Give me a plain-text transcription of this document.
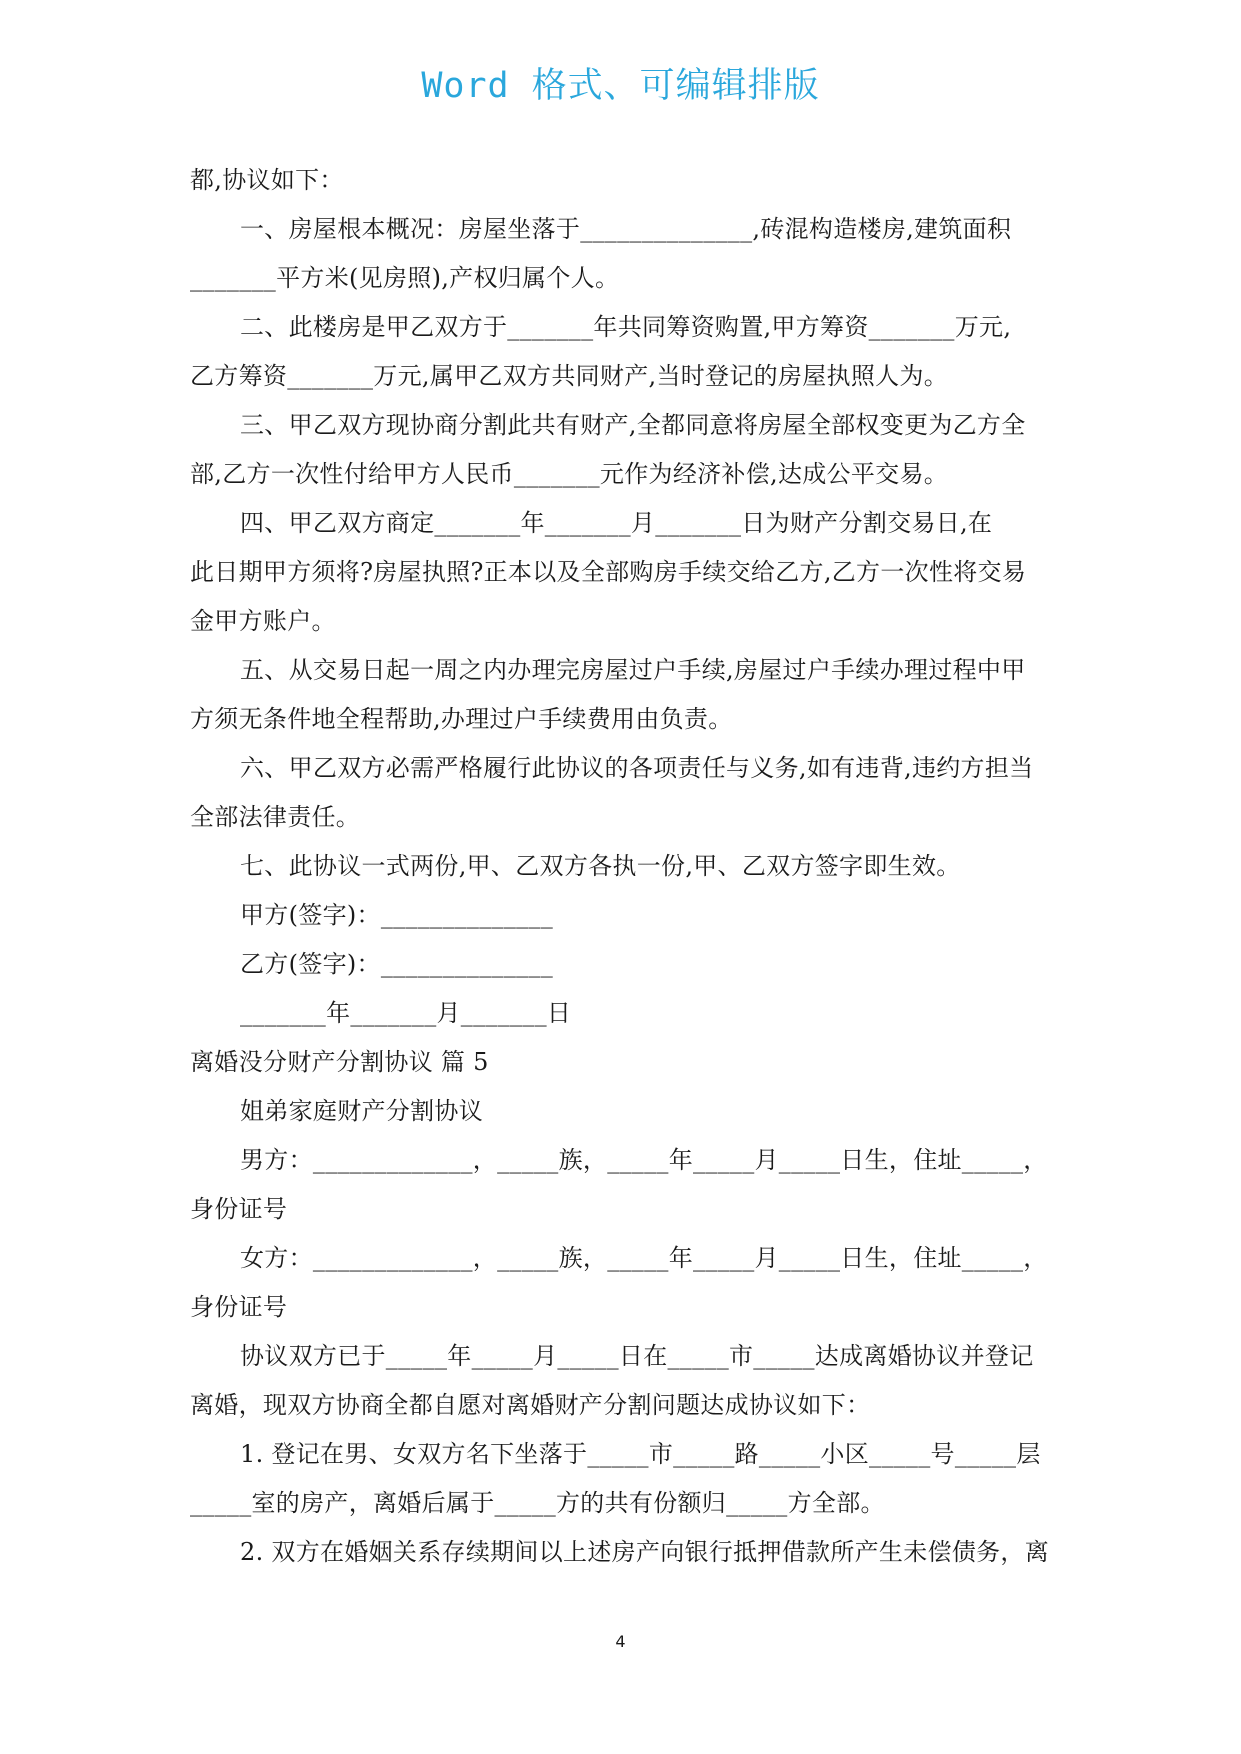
Word 格式、可编辑排版
都,协议如下：
一、房屋根本概况：房屋坐落于______________,砖混构造楼房,建筑面积
_______平方米(见房照),产权归属个人。
二、此楼房是甲乙双方于_______年共同筹资购置,甲方筹资_______万元,
乙方筹资_______万元,属甲乙双方共同财产,当时登记的房屋执照人为。
三、甲乙双方现协商分割此共有财产,全都同意将房屋全部权变更为乙方全
部,乙方一次性付给甲方人民币_______元作为经济补偿,达成公平交易。
四、甲乙双方商定_______年_______月_______日为财产分割交易日,在
此日期甲方须将?房屋执照?正本以及全部购房手续交给乙方,乙方一次性将交易
金甲方账户。
五、从交易日起一周之内办理完房屋过户手续,房屋过户手续办理过程中甲
方须无条件地全程帮助,办理过户手续费用由负责。
六、甲乙双方必需严格履行此协议的各项责任与义务,如有违背,违约方担当
全部法律责任。
七、此协议一式两份,甲、乙双方各执一份,甲、乙双方签字即生效。
甲方(签字)：______________
乙方(签字)：______________
_______年_______月_______日
离婚没分财产分割协议 篇 5
姐弟家庭财产分割协议
男方：_____________，_____族，_____年_____月_____日生，住址_____，
身份证号
女方：_____________，_____族，_____年_____月_____日生，住址_____，
身份证号
协议双方已于_____年_____月_____日在_____市_____达成离婚协议并登记
离婚，现双方协商全都自愿对离婚财产分割问题达成协议如下：
1. 登记在男、女双方名下坐落于_____市_____路_____小区_____号_____层
_____室的房产，离婚后属于_____方的共有份额归_____方全部。
2. 双方在婚姻关系存续期间以上述房产向银行抵押借款所产生未偿债务，离
4
